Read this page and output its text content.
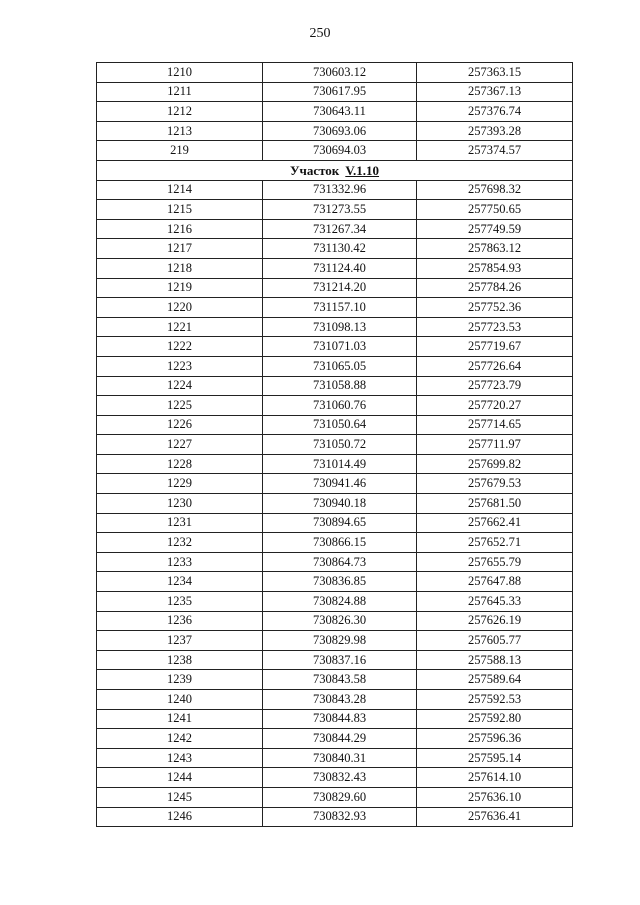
250
1210	730603.12	257363.15
1211	730617.95	257367.13
1212	730643.11	257376.74
1213	730693.06	257393.28
219	730694.03	257374.57
Участок V.1.10		
1214	731332.96	257698.32
1215	731273.55	257750.65
1216	731267.34	257749.59
1217	731130.42	257863.12
1218	731124.40	257854.93
1219	731214.20	257784.26
1220	731157.10	257752.36
1221	731098.13	257723.53
1222	731071.03	257719.67
1223	731065.05	257726.64
1224	731058.88	257723.79
1225	731060.76	257720.27
1226	731050.64	257714.65
1227	731050.72	257711.97
1228	731014.49	257699.82
1229	730941.46	257679.53
1230	730940.18	257681.50
1231	730894.65	257662.41
1232	730866.15	257652.71
1233	730864.73	257655.79
1234	730836.85	257647.88
1235	730824.88	257645.33
1236	730826.30	257626.19
1237	730829.98	257605.77
1238	730837.16	257588.13
1239	730843.58	257589.64
1240	730843.28	257592.53
1241	730844.83	257592.80
1242	730844.29	257596.36
1243	730840.31	257595.14
1244	730832.43	257614.10
1245	730829.60	257636.10
1246	730832.93	257636.41
